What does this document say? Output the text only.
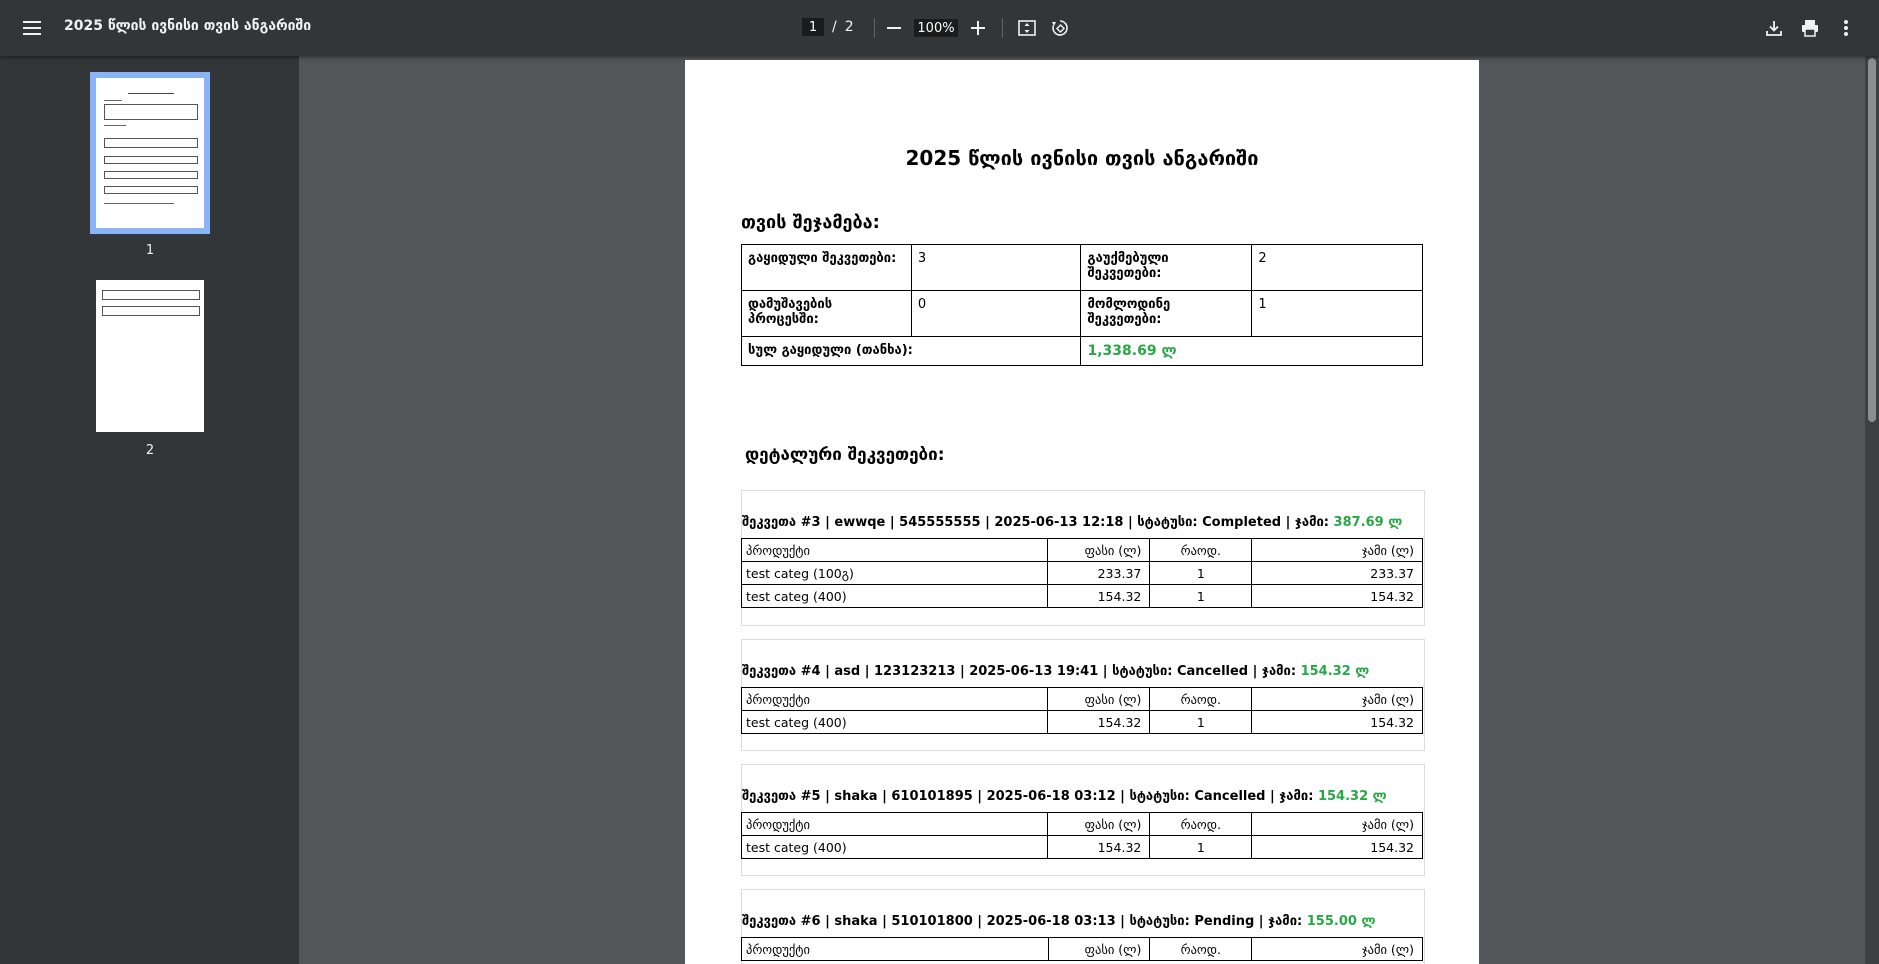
2025 წლის ივნისი თვის ანგარიში
1	/ 2
100%
1
2
2025 წლის ივნისი თვის ანგარიში
თვის შეჯამება:
გაყიდული შეკვეთები:	3	გაუქმებული შეკვეთები:	2
დამუშავების პროცესში:	0	მომლოდინე შეკვეთები:	1
სულ გაყიდული (თანხა):		1,338.69 ლ	
დეტალური შეკვეთები:
შეკვეთა #3 | ewwqe | 545555555 | 2025-06-13 12:18 | სტატუსი: Completed | ჯამი: 387.69 ლ
პროდუქტი	ფასი (ლ)	რაოდ.	ჯამი (ლ)
test categ (100გ)	233.37	1	233.37
test categ (400)	154.32	1	154.32
შეკვეთა #4 | asd | 123123213 | 2025-06-13 19:41 | სტატუსი: Cancelled | ჯამი: 154.32 ლ
პროდუქტი	ფასი (ლ)	რაოდ.	ჯამი (ლ)
test categ (400)	154.32	1	154.32
შეკვეთა #5 | shaka | 610101895 | 2025-06-18 03:12 | სტატუსი: Cancelled | ჯამი: 154.32 ლ
პროდუქტი	ფასი (ლ)	რაოდ.	ჯამი (ლ)
test categ (400)	154.32	1	154.32
შეკვეთა #6 | shaka | 510101800 | 2025-06-18 03:13 | სტატუსი: Pending | ჯამი: 155.00 ლ
პროდუქტი	ფასი (ლ)	რაოდ.	ჯამი (ლ)
